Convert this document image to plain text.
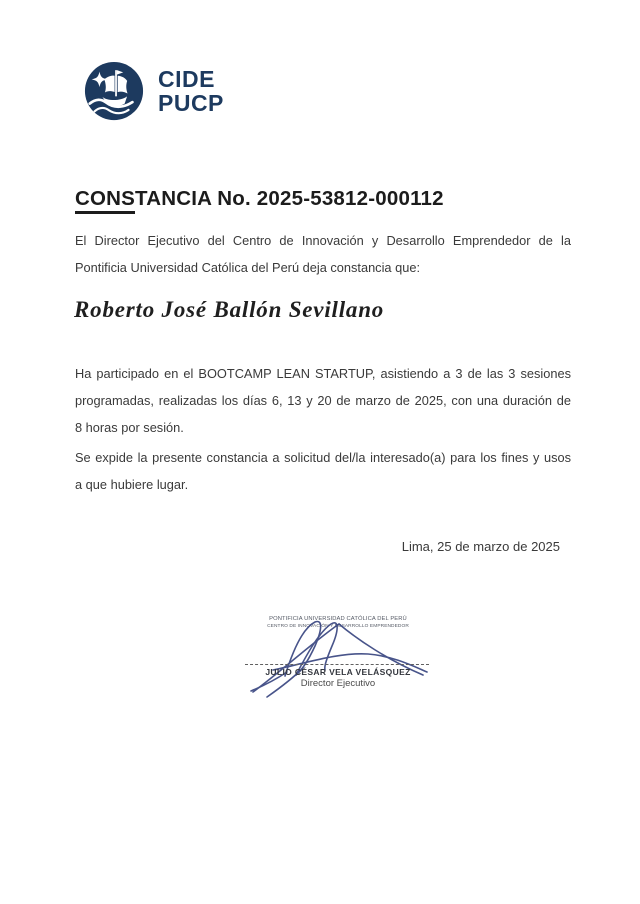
CIDE
PUCP
CONSTANCIA No. 2025-53812-000112
El Director Ejecutivo del Centro de Innovación y Desarrollo Emprendedor de la
Pontificia Universidad Católica del Perú deja constancia que:
Roberto José Ballón Sevillano
Ha participado en el BOOTCAMP LEAN STARTUP, asistiendo a 3 de las 3 sesiones
programadas, realizadas los días 6, 13 y 20 de marzo de 2025, con una duración de
8 horas por sesión.
Se expide la presente constancia a solicitud del/la interesado(a) para los fines y usos
a que hubiere lugar.
Lima, 25 de marzo de 2025
PONTIFICIA UNIVERSIDAD CATÓLICA DEL PERÚ
CENTRO DE INNOVACIÓN Y DESARROLLO EMPRENDEDOR
JULIO CÉSAR VELA VELÁSQUEZ
Director Ejecutivo
